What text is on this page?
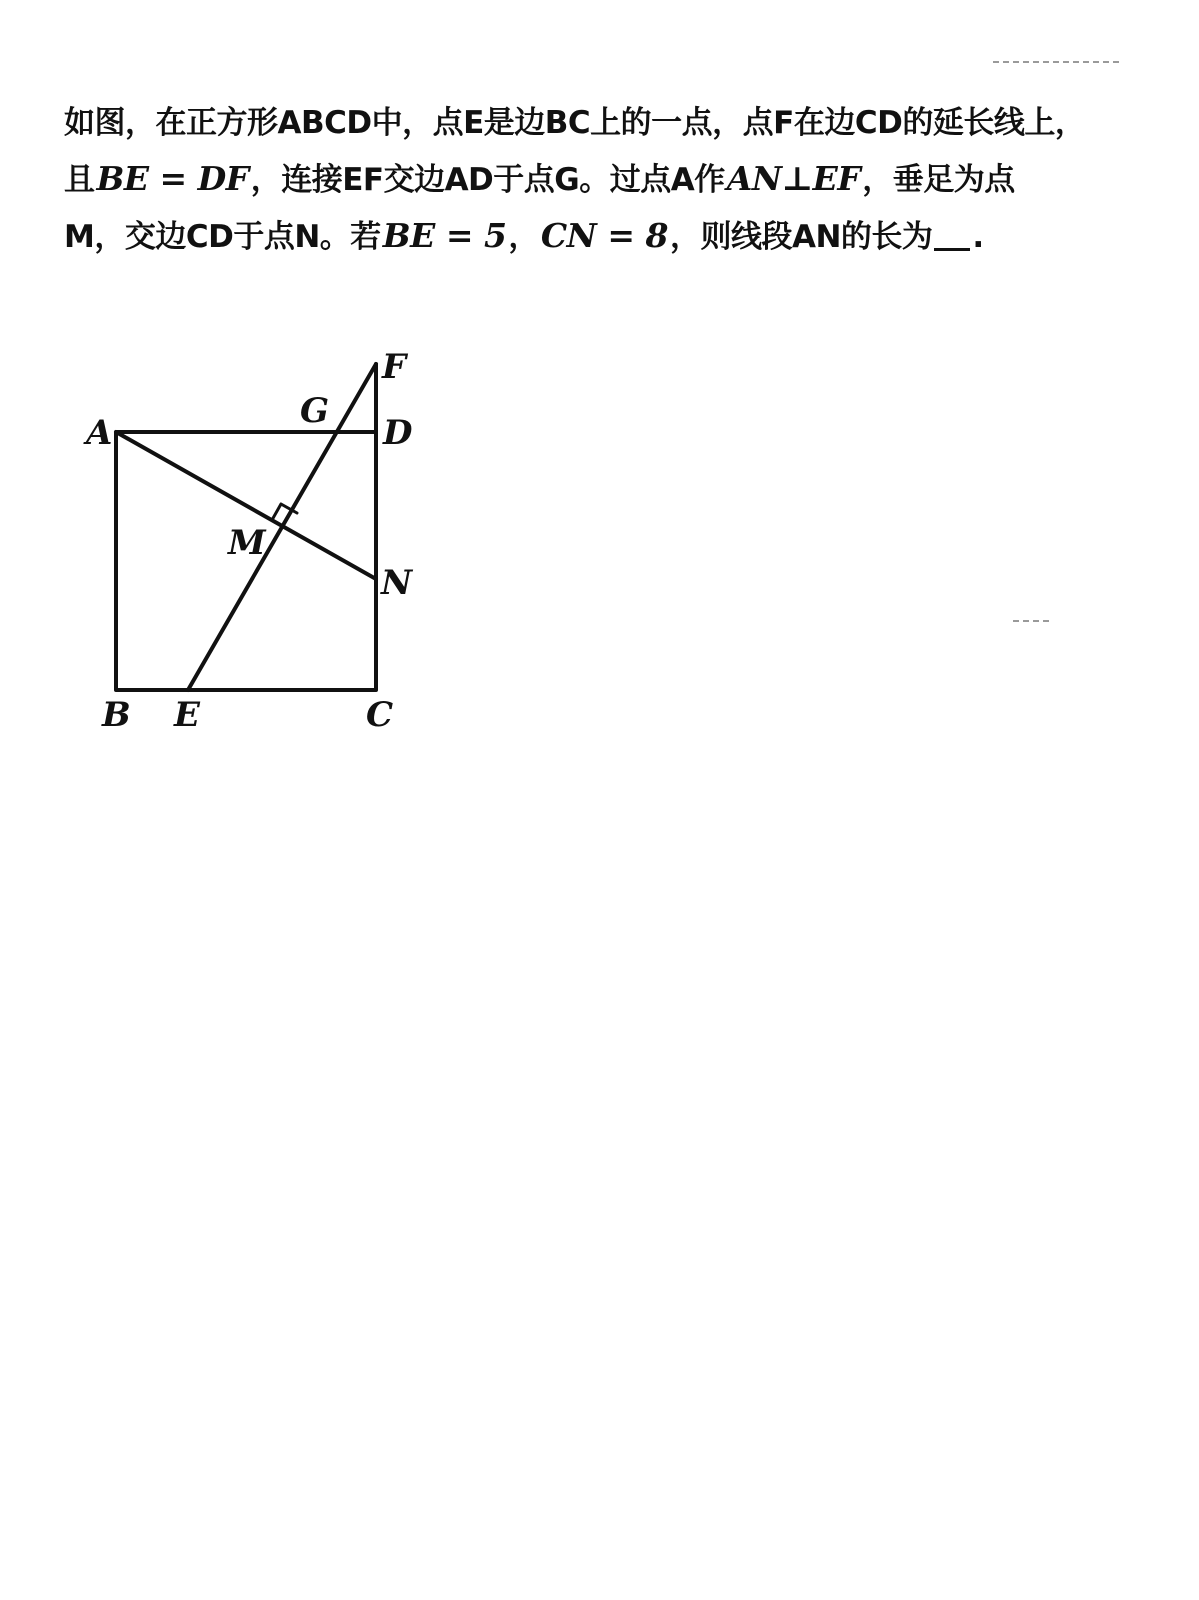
如图，在正方形ABCD中，点E是边BC上的一点，点F在边CD的延长线上，
且BE = DF，连接EF交边AD于点G。过点A作AN⊥EF，垂足为点
M，交边CD于点N。若BE = 5，CN = 8，则线段AN的长为 .
A	D
G
F
M
N
B E	C
